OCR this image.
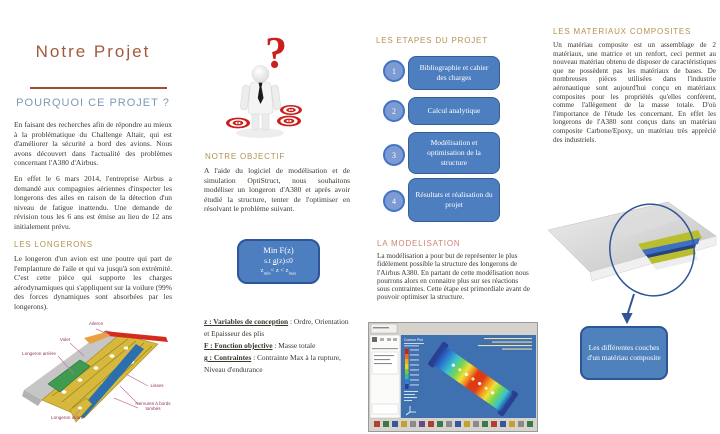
Notre Projet
POURQUOI CE PROJET ?
En faisant des recherches afin de répondre au mieux à la problématique du Challenge Altair, qui est d'améliorer la sécurité a bord des avions. Nous avons découvert dans l'actualité des problèmes concernant l'A380 d'Airbus.
En effet le 6 mars 2014, l'entreprise Airbus a demandé aux compagnies aériennes d'inspecter les longerons des ailes en raison de la détection d'un niveau de fatigue inattendu. Une demande de révision tous les 6 ans est émise au lieu de 12 ans initialement prévu.
LES LONGERONS
Le longeron d'un avion est une poutre qui part de l'emplanture de l'aile et qui va jusqu'à son extrémité. C'est cette pièce qui supporte les charges aérodynamiques qui s'appliquent sur la voilure (99% des forces dynamiques sont absorbées par les longerons).
Aileron
Volet
Longeron arrière
Lisses
Nervures à bords tombés
Longeron avant
?
NOTRE OBJECTIF
A l'aide du logiciel de modélisation et de simulation OptiStruct, nous souhaitons modéliser un longeron d'A380 et après avoir étudié la structure, tenter de l'optimiser en résolvant le problème suivant.
Min F(z)
s.t g(z)≤0
$z_{min}< z < z_{max}$
z : Variables de conception : Ordre, Orientation et Epaisseur des plis
F : Fonction objective : Masse totale
g : Contraintes : Contrainte Max à la rupture, Niveau d'endurance
LES ETAPES DU PROJET
1	Bibliographie et cahier des charges
2	Calcul analytique
3
Modélisation et optimisation de la structure
4
Résultats et réalisation du projet
LA MODELISATION
La modélisation a pour but de représenter le plus fidèlement possible la structure des longerons de l'Airbus A380. En partant de cette modélisation nous pourrons alors en connaitre plus sur ses réactions sous contraintes. Cette étape est primordiale avant de pouvoir optimiser la structure.
Contour Plot
LES MATERIAUX COMPOSITES
Un matériau composite est un assemblage de 2 matériaux, une matrice et un renfort, ceci permet au nouveau matériau obtenu de disposer de caractéristiques que ne possèdent pas les matériaux de bases. De nombreuses pièces utilisées dans l'industrie aéronautique sont aujourd'hui conçu en matériaux composites pour les propriétés qu'elles confèrent, comme l'allègement de la masse totale. D'où l'importance de l'étude les concernant. En effet les longerons de l'A380 sont conçus dans un matériau composite Carbone/Epoxy, un matériau très apprécié des industriels.
Les différentes couches d'un matériau composite
